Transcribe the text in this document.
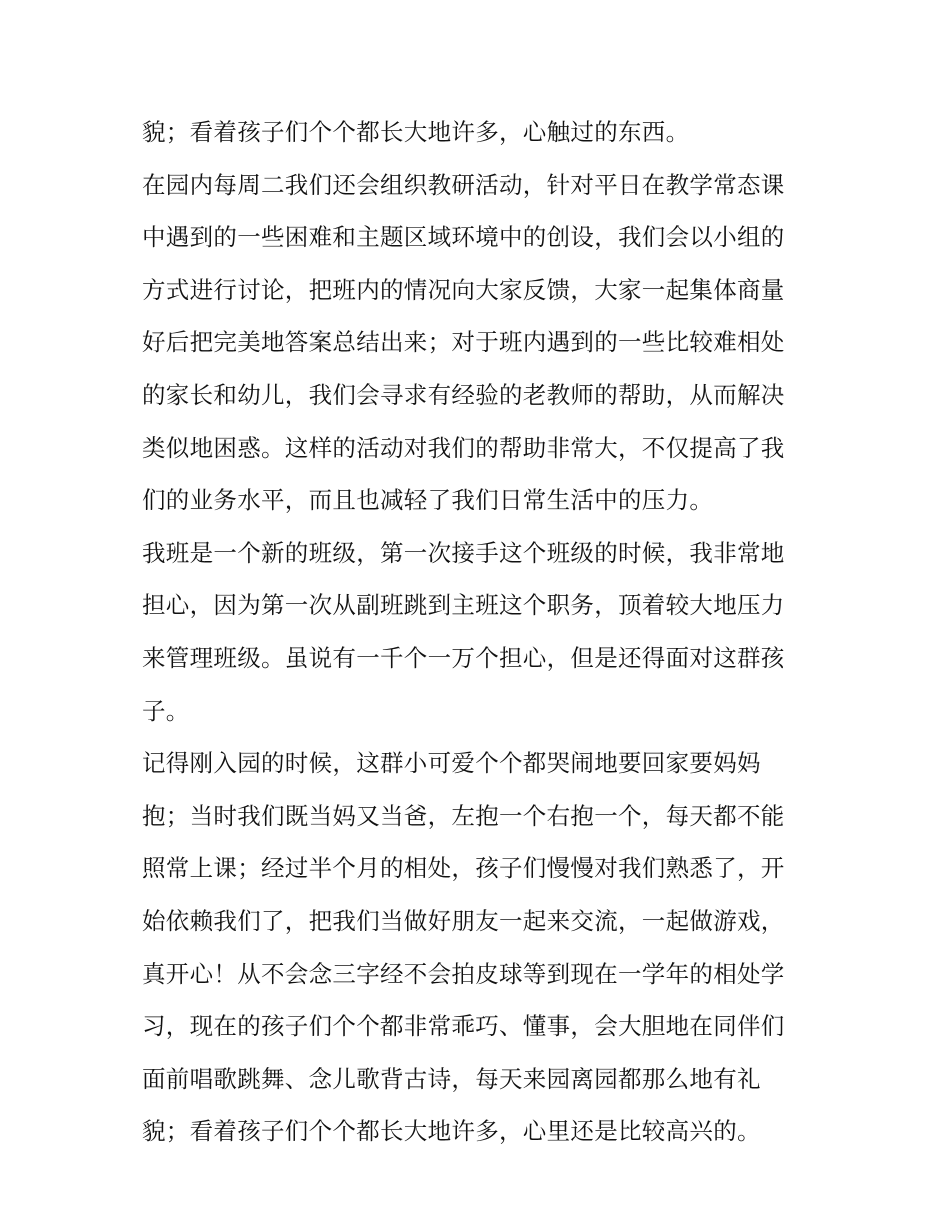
貌；看着孩子们个个都长大地许多，心触过的东西。
在园内每周二我们还会组织教研活动，针对平日在教学常态课
中遇到的一些困难和主题区域环境中的创设，我们会以小组的
方式进行讨论，把班内的情况向大家反馈，大家一起集体商量
好后把完美地答案总结出来；对于班内遇到的一些比较难相处
的家长和幼儿，我们会寻求有经验的老教师的帮助，从而解决
类似地困惑。这样的活动对我们的帮助非常大，不仅提高了我
们的业务水平，而且也减轻了我们日常生活中的压力。
我班是一个新的班级，第一次接手这个班级的时候，我非常地
担心，因为第一次从副班跳到主班这个职务，顶着较大地压力
来管理班级。虽说有一千个一万个担心，但是还得面对这群孩
子。
记得刚入园的时候，这群小可爱个个都哭闹地要回家要妈妈
抱；当时我们既当妈又当爸，左抱一个右抱一个，每天都不能
照常上课；经过半个月的相处，孩子们慢慢对我们熟悉了，开
始依赖我们了，把我们当做好朋友一起来交流，一起做游戏，
真开心！从不会念三字经不会拍皮球等到现在一学年的相处学
习，现在的孩子们个个都非常乖巧、懂事，会大胆地在同伴们
面前唱歌跳舞、念儿歌背古诗，每天来园离园都那么地有礼
貌；看着孩子们个个都长大地许多，心里还是比较高兴的。
